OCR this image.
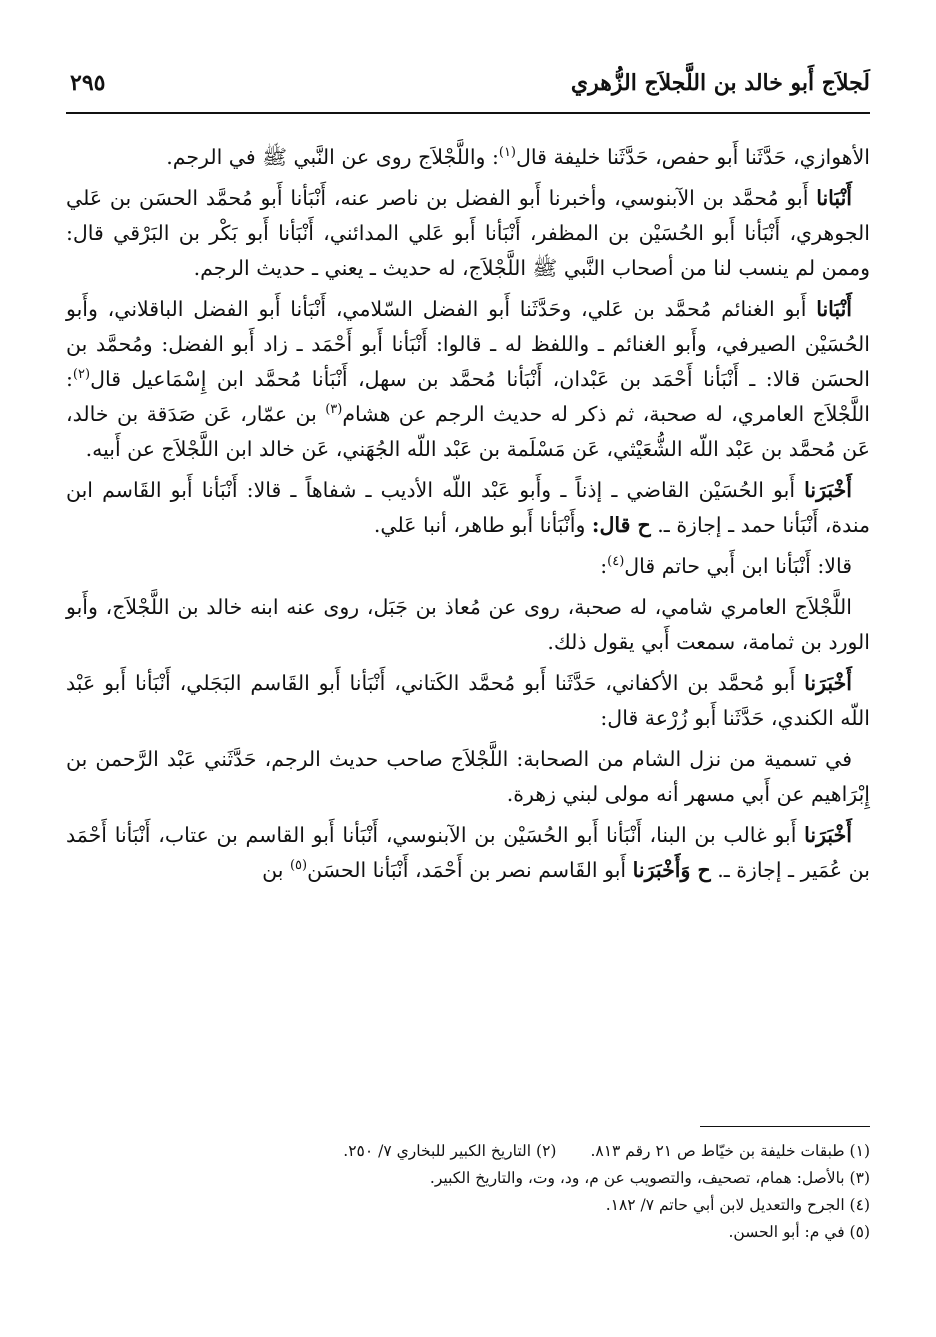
لَجلاَج أَبو خالد بن اللَّجلاَج الزُّهري
٢٩٥

الأهوازي، حَدَّثَنا أَبو حفص، حَدَّثَنا خليفة قال$^{(١)}$: واللَّجْلاَج روى عن النَّبي ﷺ في الرجم.

أَنْبَانا أَبو مُحمَّد بن الآبنوسي، وأخبرنا أَبو الفضل بن ناصر عنه، أَنْبَأنا أَبو مُحمَّد الحسَن بن عَلي الجوهري، أَنْبَأنا أَبو الحُسَيْن بن المظفر، أَنْبَأنا أَبو عَلي المدائني، أَنْبَأنا أَبو بَكْر بن البَرْقي قال: وممن لم ينسب لنا من أصحاب النَّبي ﷺ اللَّجْلاَج، له حديث ـ يعني ـ حديث الرجم.

أَنْبَانا أَبو الغنائم مُحمَّد بن عَلي، وحَدَّثَنا أَبو الفضل السّلامي، أَنْبَأنا أَبو الفضل الباقلاني، وأَبو الحُسَيْن الصيرفي، وأَبو الغنائم ـ واللفظ له ـ قالوا: أَنْبَأنا أَبو أَحْمَد ـ زاد أَبو الفضل: ومُحمَّد بن الحسَن قالا: ـ أَنْبَأنا أَحْمَد بن عَبْدان، أَنْبَأنا مُحمَّد بن سهل، أَنْبَأنا مُحمَّد ابن إِسْمَاعيل قال$^{(٢)}$: اللَّجْلاَج العامري، له صحبة، ثم ذكر له حديث الرجم عن هشام$^{(٣)}$ بن عمّار، عَن صَدَقة بن خالد، عَن مُحمَّد بن عَبْد اللّه الشُّعَيْثي، عَن مَسْلَمة بن عَبْد اللّه الجُهَني، عَن خالد ابن اللَّجْلاَج عن أَبيه.

أَخْبَرَنا أَبو الحُسَيْن القاضي ـ إذناً ـ وأَبو عَبْد اللّه الأديب ـ شفاهاً ـ قالا: أَنْبَأنا أَبو القَاسم ابن مندة، أَنْبَأنا حمد ـ إجازة ـ. ح قال: وأَنْبَأنا أَبو طاهر، أنبا عَلي.

قالا: أَنْبَأنا ابن أَبي حاتم قال$^{(٤)}$:

اللَّجْلاَج العامري شامي، له صحبة، روى عن مُعاذ بن جَبَل، روى عنه ابنه خالد بن اللَّجْلاَج، وأَبو الورد بن ثمامة، سمعت أَبي يقول ذلك.

أَخْبَرَنا أَبو مُحمَّد بن الأكفاني، حَدَّثَنا أَبو مُحمَّد الكَتاني، أَنْبَأنا أَبو القَاسم البَجَلي، أَنْبَأنا أَبو عَبْد اللّه الكندي، حَدَّثَنا أَبو زُرْعة قال:

في تسمية من نزل الشام من الصحابة: اللَّجْلاَج صاحب حديث الرجم، حَدَّثَني عَبْد الرَّحمن بن إِبْرَاهيم عن أَبي مسهر أنه مولى لبني زهرة.

أَخْبَرَنا أَبو غالب بن البنا، أَنْبَأنا أَبو الحُسَيْن بن الآبنوسي، أَنْبَأنا أَبو القاسم بن عتاب، أَنْبَأنا أَحْمَد بن عُمَير ـ إجازة ـ. ح وَأَخْبَرَنا أَبو القَاسم نصر بن أَحْمَد، أَنْبَأنا الحسَن$^{(٥)}$ بن

(١) طبقات خليفة بن خيّاط ص ٢١ رقم ٨١٣.(٢) التاريخ الكبير للبخاري ٧/ ٢٥٠.
(٣) بالأصل: همام، تصحيف، والتصويب عن م، ود، وت، والتاريخ الكبير.
(٤) الجرح والتعديل لابن أبي حاتم ٧/ ١٨٢.
(٥) في م: أبو الحسن.
